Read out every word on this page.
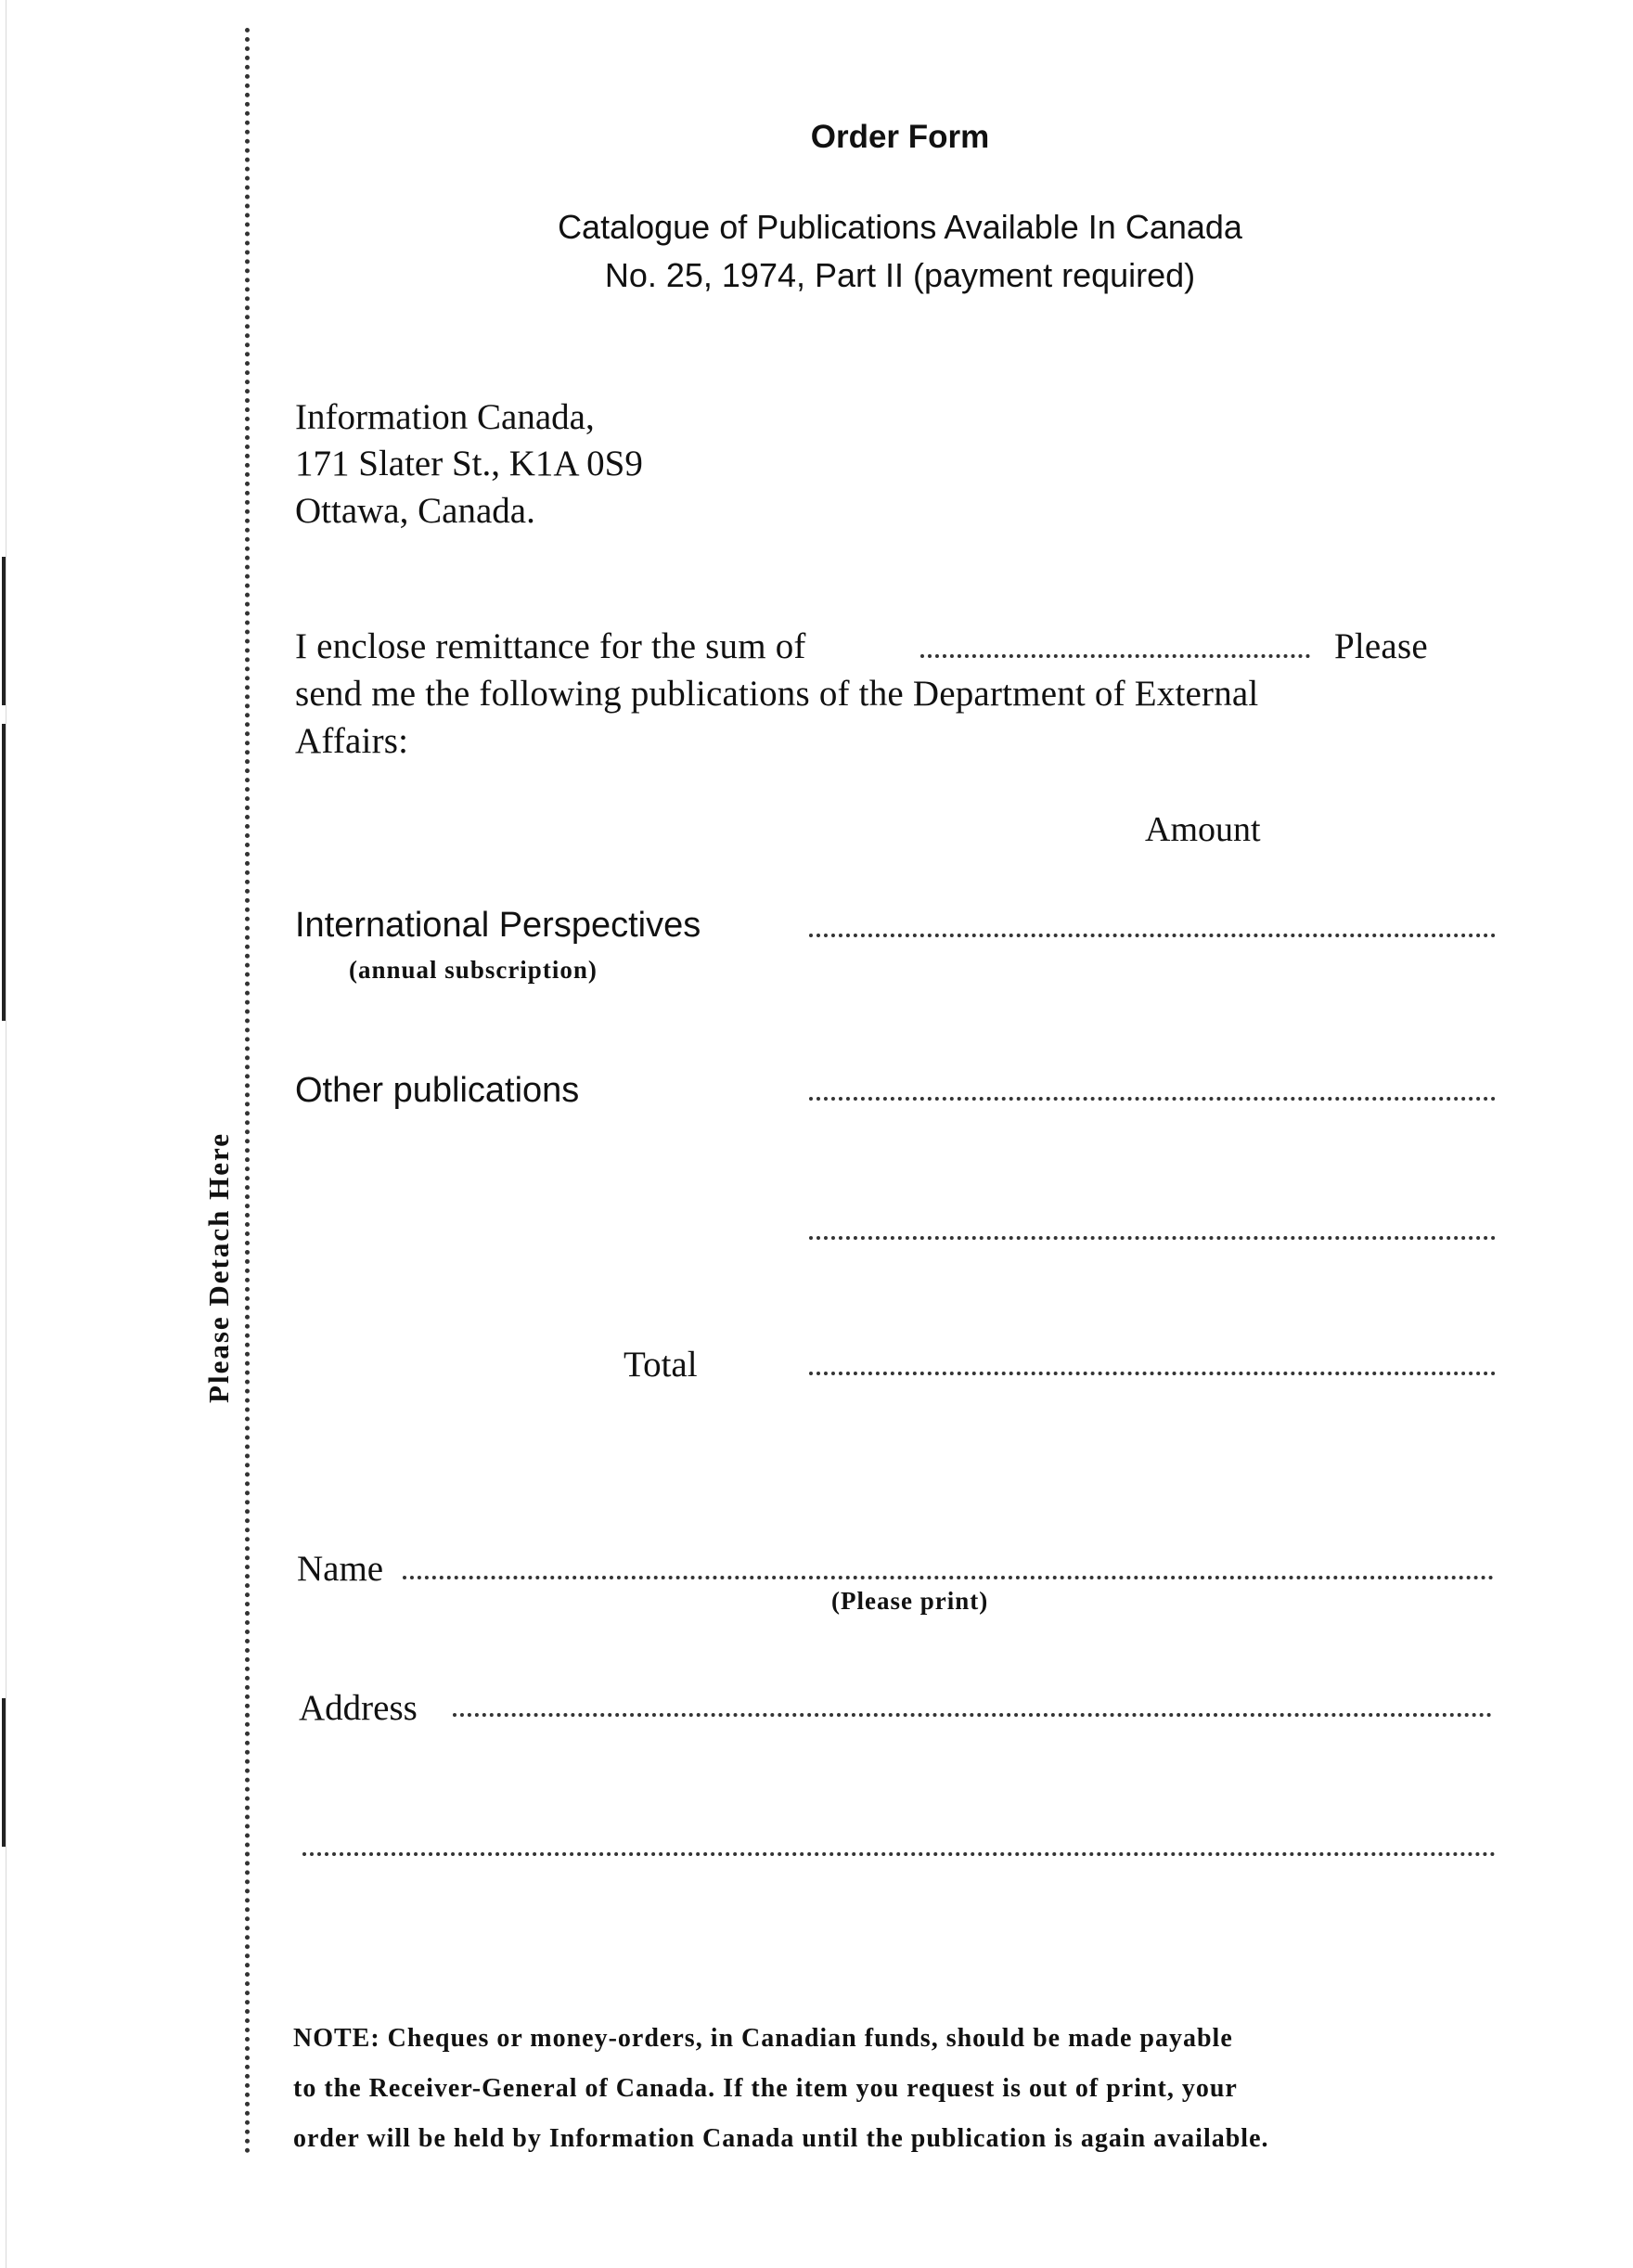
Please Detach Here
Order Form
Catalogue of Publications Available In Canada
No. 25, 1974, Part II (payment required)
Information Canada,
171 Slater St., K1A 0S9
Ottawa, Canada.
I enclose remittance for the sum of	Please
send me the following publications of the Department of External
Affairs:
Amount
International Perspectives
(annual subscription)
Other publications
Total
Name
(Please print)
Address
NOTE: Cheques or money-orders, in Canadian funds, should be made payable
to the Receiver-General of Canada. If the item you request is out of print, your
order will be held by Information Canada until the publication is again available.
